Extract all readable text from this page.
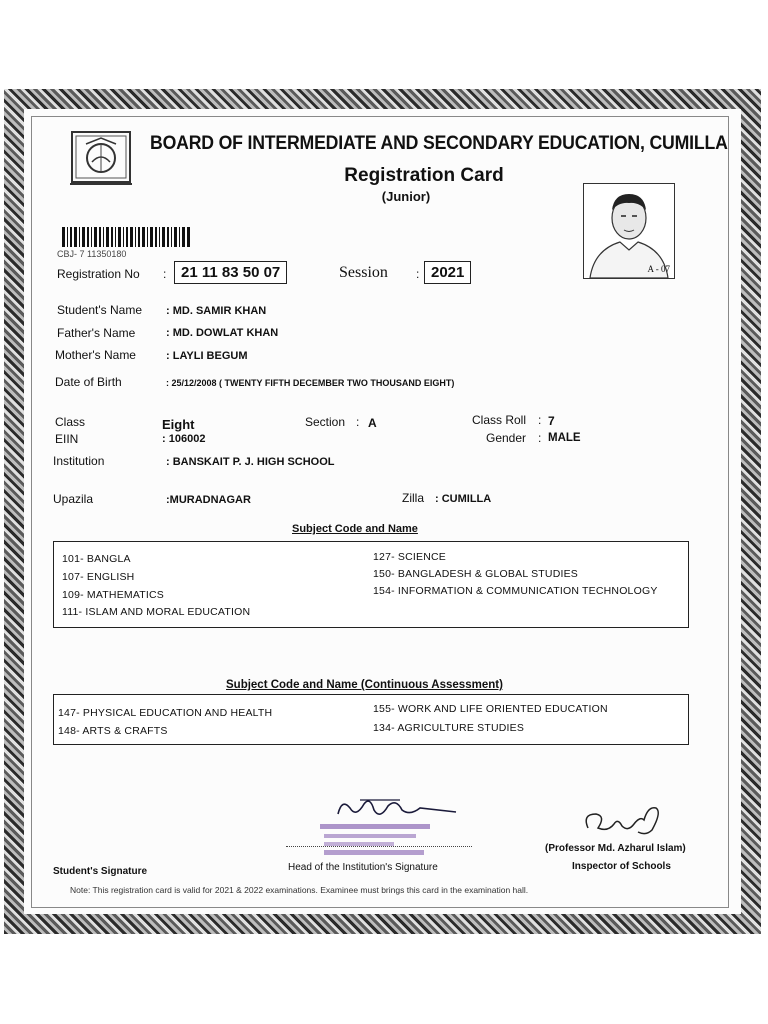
BOARD OF INTERMEDIATE AND SECONDARY EDUCATION, CUMILLA
Registration Card
(Junior)
CBJ- 7 11350180
A - 07
Registration No : 21 11 83 50 07	Session : 2021
Student's Name : MD. SAMIR KHAN
Father's Name	: MD. DOWLAT KHAN
Mother's Name	: LAYLI BEGUM
Date of Birth	: 25/12/2008 ( TWENTY FIFTH DECEMBER TWO THOUSAND EIGHT)
Class	Eight	Section : A	Class Roll : 7
EIIN	: 106002	Gender : MALE
Institution	: BANSKAIT P. J. HIGH SCHOOL
Upazila	:MURADNAGAR	Zilla : CUMILLA
Subject Code and Name
101- BANGLA
107- ENGLISH
109- MATHEMATICS
111- ISLAM AND MORAL EDUCATION
127- SCIENCE
150- BANGLADESH & GLOBAL STUDIES
154- INFORMATION & COMMUNICATION TECHNOLOGY
Subject Code and Name (Continuous Assessment)
147- PHYSICAL EDUCATION AND HEALTH
148- ARTS & CRAFTS
155- WORK AND LIFE ORIENTED EDUCATION
134- AGRICULTURE STUDIES
Student's Signature	Head of the Institution's Signature
(Professor Md. Azharul Islam)
Inspector of Schools
Note: This registration card is valid for 2021 & 2022 examinations. Examinee must brings this card in the examination hall.
